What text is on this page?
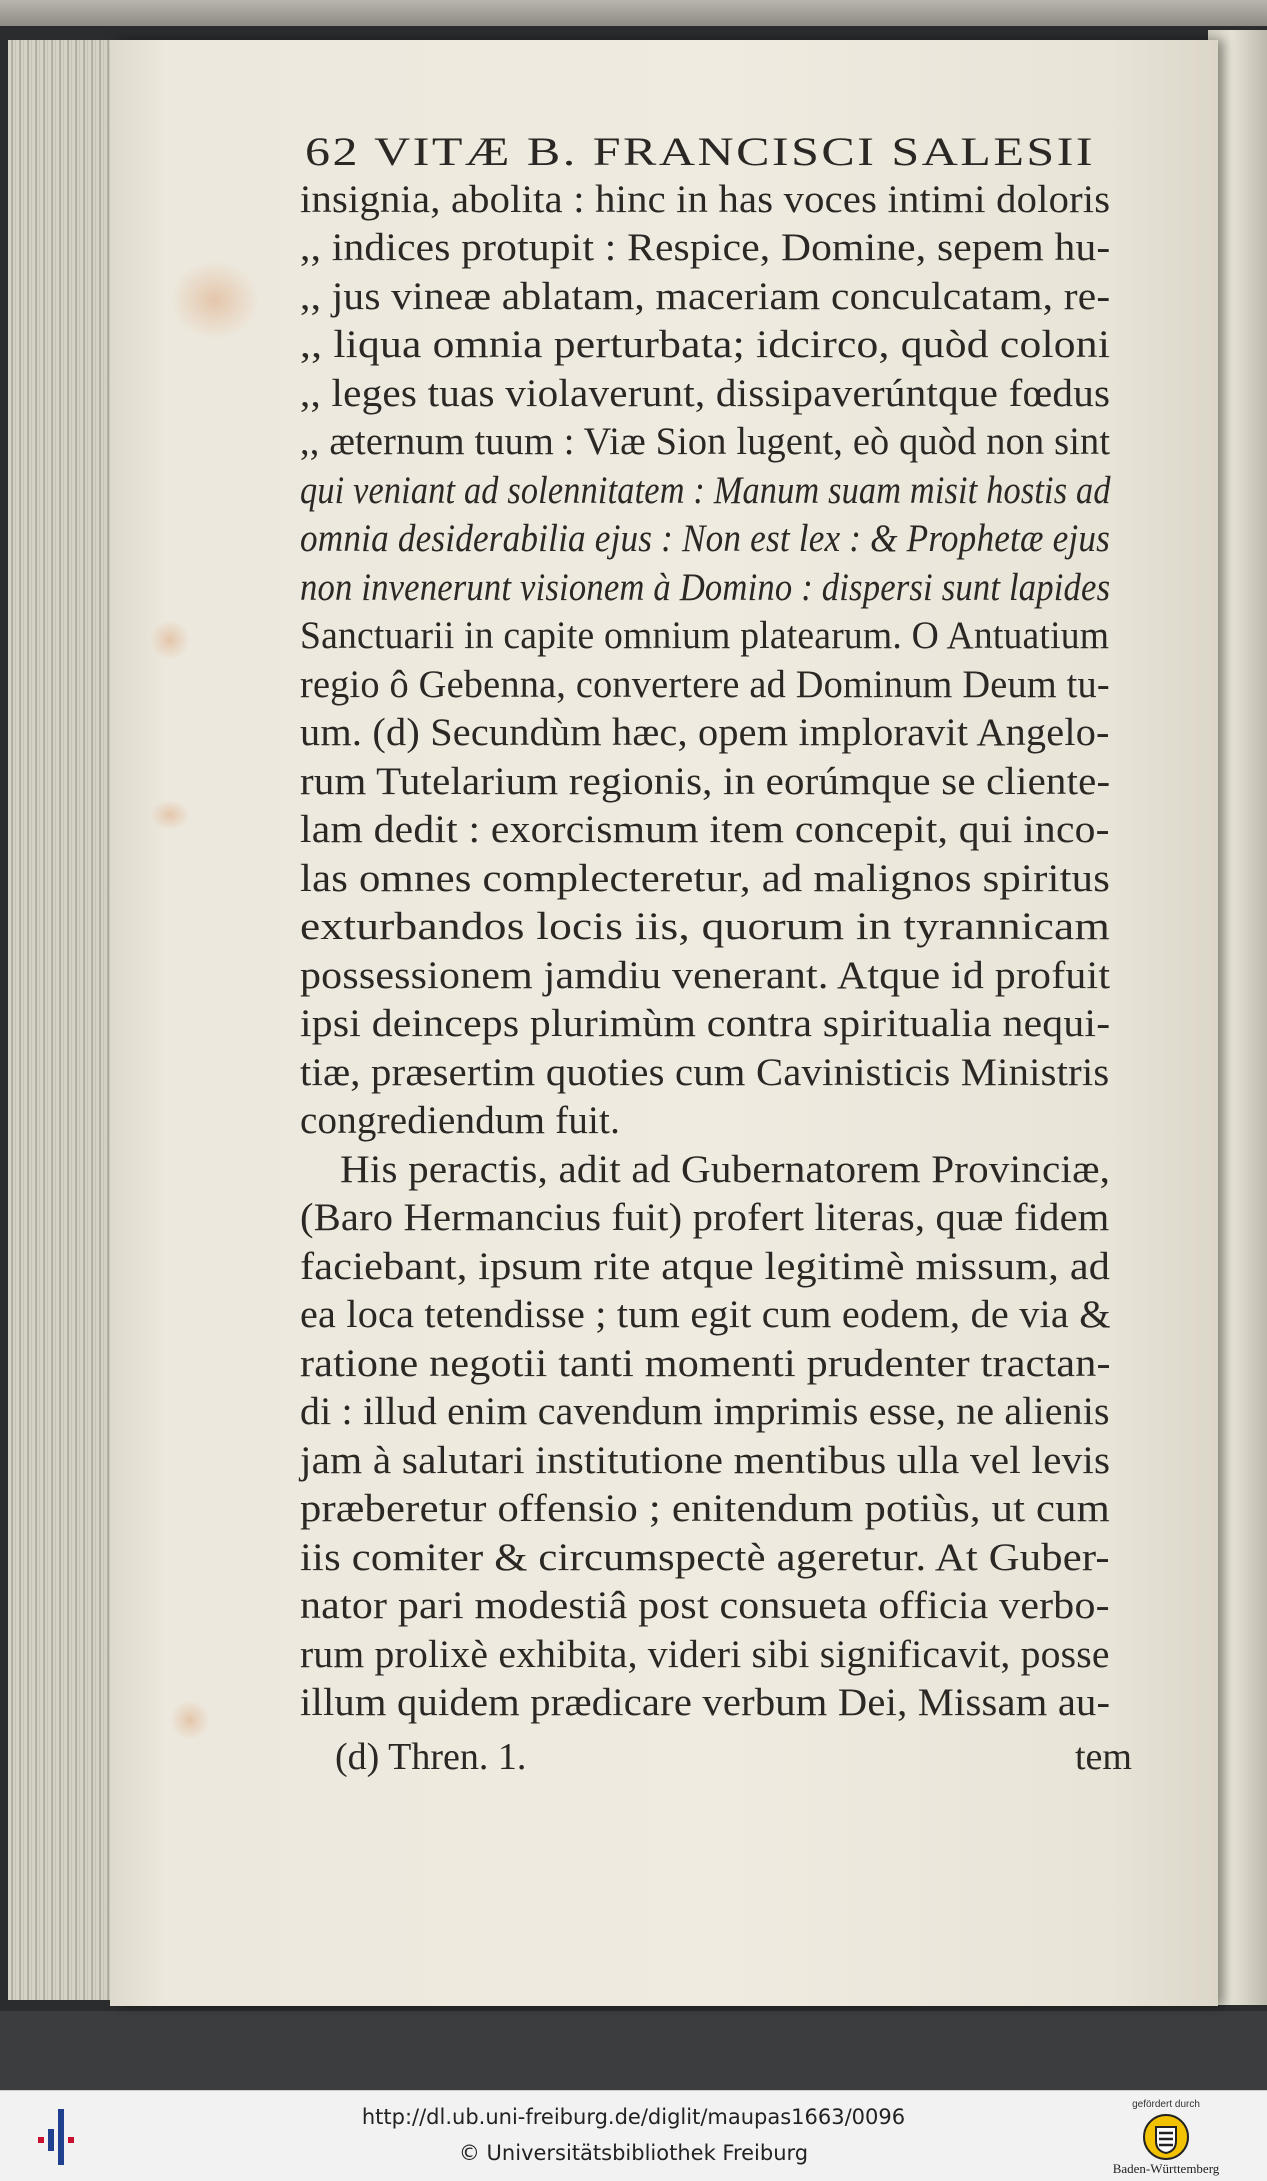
62 VITÆ B. FRANCISCI SALESII
insignia, abolita : hinc in has voces intimi doloris
,, indices protupit : Respice, Domine, sepem hu-
,, jus vineæ ablatam, maceriam conculcatam, re-
,, liqua omnia perturbata; idcirco, quòd coloni
,, leges tuas violaverunt, dissipaverúntque fœdus
,, æternum tuum : Viæ Sion lugent, eò quòd non sint
qui veniant ad solennitatem : Manum suam misit hostis ad
omnia desiderabilia ejus : Non est lex : & Prophetæ ejus
non invenerunt visionem à Domino : dispersi sunt lapides
Sanctuarii in capite omnium platearum. O Antuatium
regio ô Gebenna, convertere ad Dominum Deum tu-
um. (d) Secundùm hæc, opem imploravit Angelo-
rum Tutelarium regionis, in eorúmque se cliente-
lam dedit : exorcismum item concepit, qui inco-
las omnes complecteretur, ad malignos spiritus
exturbandos locis iis, quorum in tyrannicam
possessionem jamdiu venerant. Atque id profuit
ipsi deinceps plurimùm contra spiritualia nequi-
tiæ, præsertim quoties cum Cavinisticis Ministris
congrediendum fuit.
His peractis, adit ad Gubernatorem Provinciæ,
(Baro Hermancius fuit) profert literas, quæ fidem
faciebant, ipsum rite atque legitimè missum, ad
ea loca tetendisse ; tum egit cum eodem, de via &
ratione negotii tanti momenti prudenter tractan-
di : illud enim cavendum imprimis esse, ne alienis
jam à salutari institutione mentibus ulla vel levis
præberetur offensio ; enitendum potiùs, ut cum
iis comiter & circumspectè ageretur. At Guber-
nator pari modestiâ post consueta officia verbo-
rum prolixè exhibita, videri sibi significavit, posse
illum quidem prædicare verbum Dei, Missam au-
(d) Thren. 1.	tem
http://dl.ub.uni-freiburg.de/diglit/maupas1663/0096
© Universitätsbibliothek Freiburg
gefördert durch
Baden-Württemberg
